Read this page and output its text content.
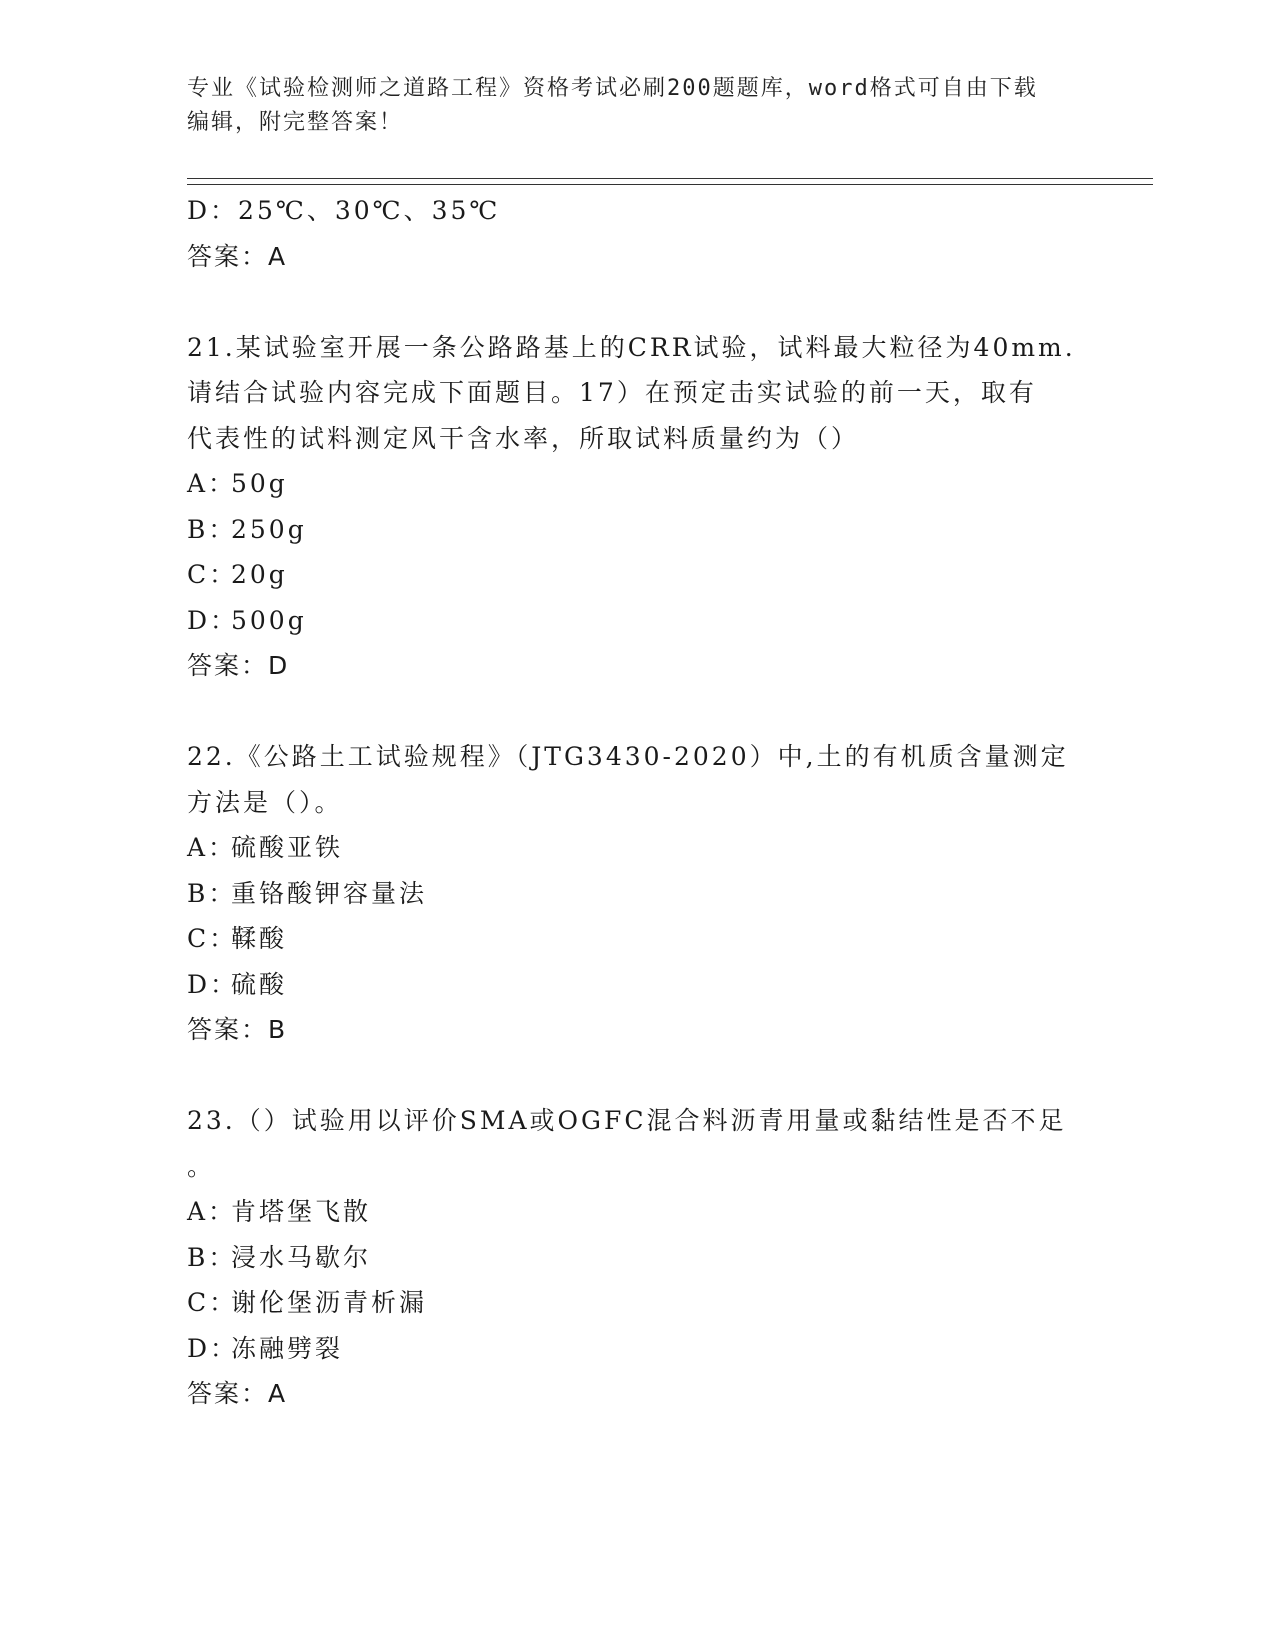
专业《试验检测师之道路工程》资格考试必刷200题题库，word格式可自由下载
编辑，附完整答案！
D：25℃、30℃、35℃
答案：A
21.某试验室开展一条公路路基上的CRR试验，试料最大粒径为40mm.
请结合试验内容完成下面题目。17）在预定击实试验的前一天，取有
代表性的试料测定风干含水率，所取试料质量约为（）
A：50g
B：250g
C：20g
D：500g
答案：D
22.《公路土工试验规程》（JTG3430-2020）中,土的有机质含量测定
方法是（）。
A：硫酸亚铁
B：重铬酸钾容量法
C：鞣酸
D：硫酸
答案：B
23.（）试验用以评价SMA或OGFC混合料沥青用量或黏结性是否不足
。
A：肯塔堡飞散
B：浸水马歇尔
C：谢伦堡沥青析漏
D：冻融劈裂
答案：A
